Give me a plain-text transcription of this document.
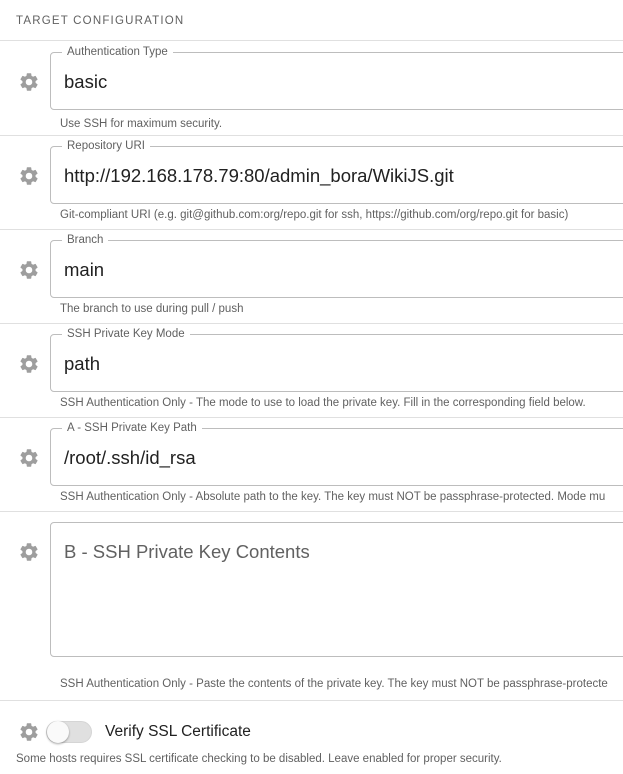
TARGET CONFIGURATION
Authentication Type
basic
Use SSH for maximum security.
Repository URI
http://192.168.178.79:80/admin_bora/WikiJS.git
Git-compliant URI (e.g. git@github.com:org/repo.git for ssh, https://github.com/org/repo.git for basic)
Branch
main
The branch to use during pull / push
SSH Private Key Mode
path
SSH Authentication Only - The mode to use to load the private key. Fill in the corresponding field below.
A - SSH Private Key Path
/root/.ssh/id_rsa
SSH Authentication Only - Absolute path to the key. The key must NOT be passphrase-protected. Mode mu
B - SSH Private Key Contents
SSH Authentication Only - Paste the contents of the private key. The key must NOT be passphrase-protecte
Verify SSL Certificate
Some hosts requires SSL certificate checking to be disabled. Leave enabled for proper security.
